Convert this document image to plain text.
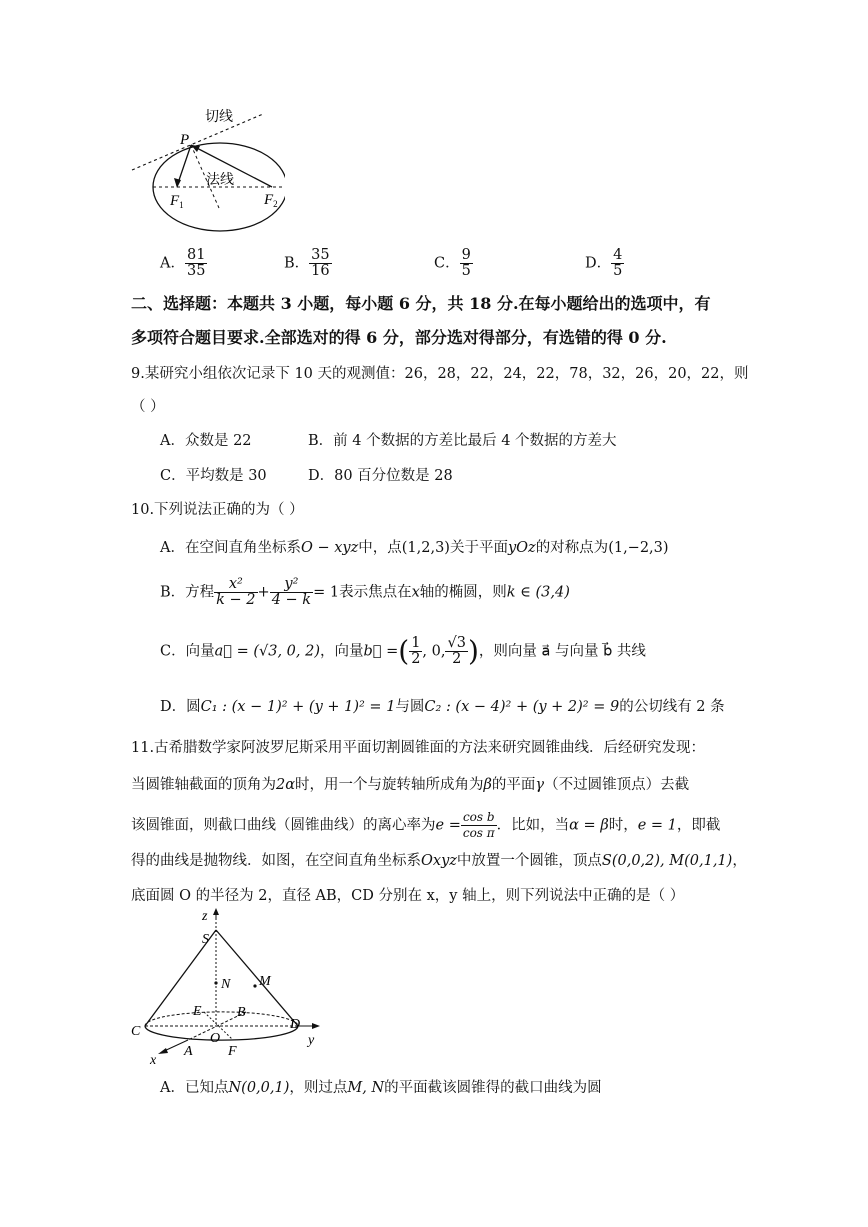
切线
法线
P
$F_1$	$F_2$
A． $\frac{81}{35}$	B． $\frac{35}{16}$	C． $\frac{9}{5}$	D． $\frac{4}{5}$
二、选择题：本题共 3 小题，每小题 6 分，共 18 分.在每小题给出的选项中，有
多项符合题目要求.全部选对的得 6 分，部分选对得部分，有选错的得 0 分.
9.某研究小组依次记录下 10 天的观测值：26，28，22，24，22，78，32，26，20，22，则
（ ）
A．众数是 22	B．前 4 个数据的方差比最后 4 个数据的方差大
C．平均数是 30	D．80 百分位数是 28
10.下列说法正确的为（ ）
A．在空间直角坐标系O − xyz中，点(1,2,3)关于平面yOz的对称点为(1,−2,3)
B．方程 $\frac{\text{x²}}{k - 2} + \frac{\text{y²}}{4 - k} = 1$表示焦点在x轴的椭圆，则k ∈ (3,4)
C．向量a⃗ = (√3, 0, 2)，向量b⃗ =( $\frac{1}{2}$ , 0, $\frac{√3}{2}$ )，则向量 a⃗ 与向量 b⃗ 共线
D．圆C₁ : (x − 1)² + (y + 1)² = 1与圆C₂ : (x − 4)² + (y + 2)² = 9的公切线有 2 条
11.古希腊数学家阿波罗尼斯采用平面切割圆锥面的方法来研究圆锥曲线．后经研究发现：
当圆锥轴截面的顶角为2α时，用一个与旋转轴所成角为β的平面γ（不过圆锥顶点）去截
该圆锥面，则截口曲线（圆锥曲线）的离心率为$e = \frac{\text{cos b}}{\text{cos π}}$ ．比如，当α = β时，e = 1，即截
得的曲线是抛物线．如图，在空间直角坐标系Oxyz中放置一个圆锥，顶点S(0,0,2), M(0,1,1)，
底面圆 O 的半径为 2，直径 AB，CD 分别在 x，y 轴上，则下列说法中正确的是（ ）
z
S
N M
E	B
C	D
O	y
A	F
x
A．已知点N(0,0,1)，则过点M, N的平面截该圆锥得的截口曲线为圆
